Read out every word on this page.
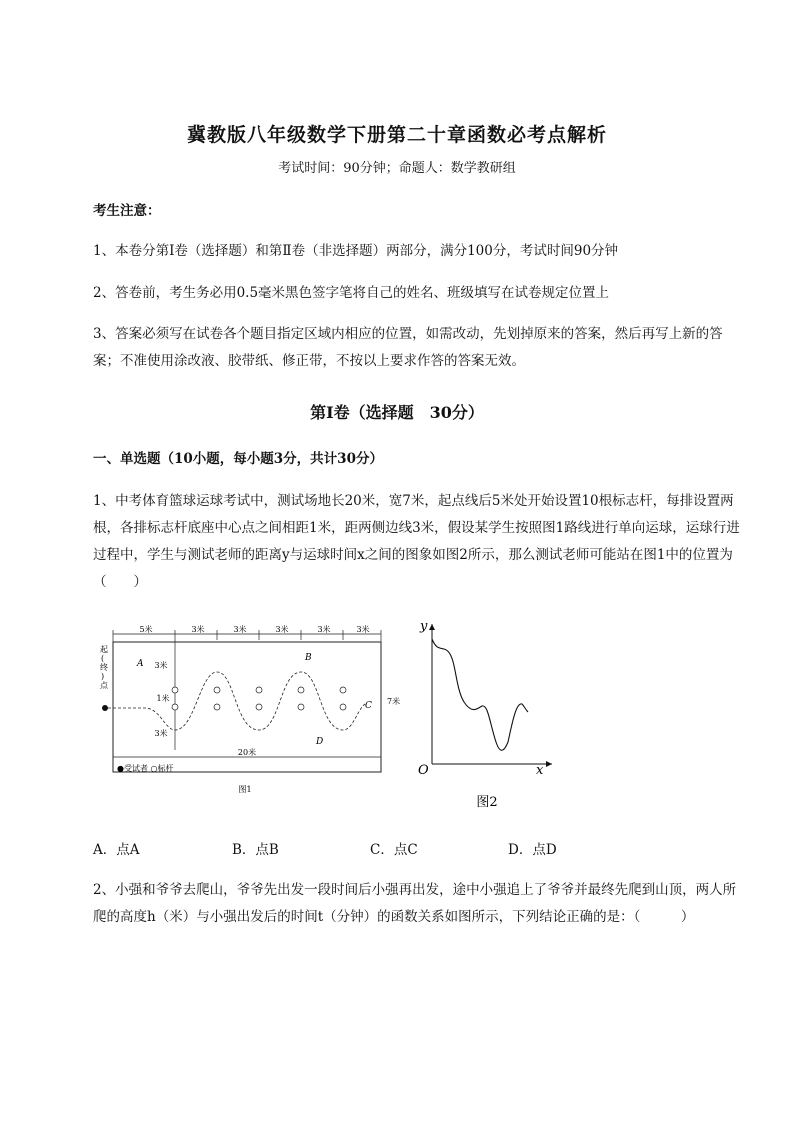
冀教版八年级数学下册第二十章函数必考点解析
考试时间：90分钟；命题人：数学教研组
考生注意：
1、本卷分第Ⅰ卷（选择题）和第Ⅱ卷（非选择题）两部分，满分100分，考试时间90分钟
2、答卷前，考生务必用0.5毫米黑色签字笔将自己的姓名、班级填写在试卷规定位置上
3、答案必须写在试卷各个题目指定区域内相应的位置，如需改动，先划掉原来的答案，然后再写上新的答案；不准使用涂改液、胶带纸、修正带，不按以上要求作答的答案无效。
第Ⅰ卷（选择题　30分）
一、单选题（10小题，每小题3分，共计30分）
1、中考体育篮球运球考试中，测试场地长20米，宽7米，起点线后5米处开始设置10根标志杆，每排设置两根，各排标志杆底座中心点之间相距1米，距两侧边线3米，假设某学生按照图1路线进行单向运球，运球行进过程中，学生与测试老师的距离y与运球时间x之间的图象如图2所示，那么测试老师可能站在图1中的位置为（　　）
5米	3米	3米	3米	3米	3米
3米
1米
3米
7米
20米
起
(
终
)
点
A
B
C
D
●受试者 ○标杆
图1
y
x
O
图2
A．点A	B．点B	C．点C	D．点D
2、小强和爷爷去爬山，爷爷先出发一段时间后小强再出发，途中小强追上了爷爷并最终先爬到山顶，两人所爬的高度h（米）与小强出发后的时间t（分钟）的函数关系如图所示，下列结论正确的是：（　　　）
